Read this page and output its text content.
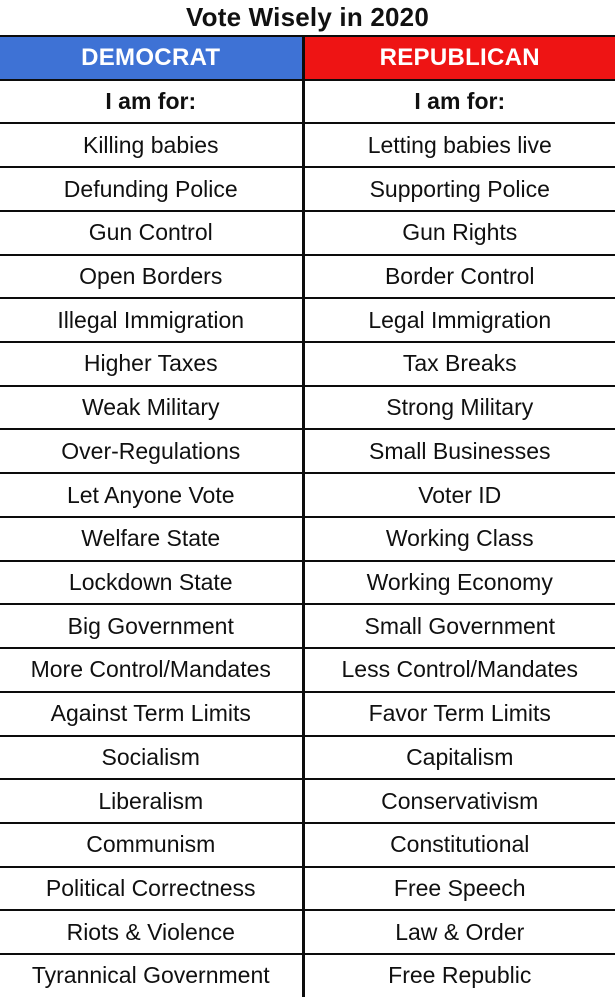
Vote Wisely in 2020
DEMOCRAT	REPUBLICAN
I am for:	I am for:
Killing babies	Letting babies live
Defunding Police	Supporting Police
Gun Control	Gun Rights
Open Borders	Border Control
Illegal Immigration	Legal Immigration
Higher Taxes	Tax Breaks
Weak Military	Strong Military
Over-Regulations	Small Businesses
Let Anyone Vote	Voter ID
Welfare State	Working Class
Lockdown State	Working Economy
Big Government	Small Government
More Control/Mandates	Less Control/Mandates
Against Term Limits	Favor Term Limits
Socialism	Capitalism
Liberalism	Conservativism
Communism	Constitutional
Political Correctness	Free Speech
Riots & Violence	Law & Order
Tyrannical Government	Free Republic
